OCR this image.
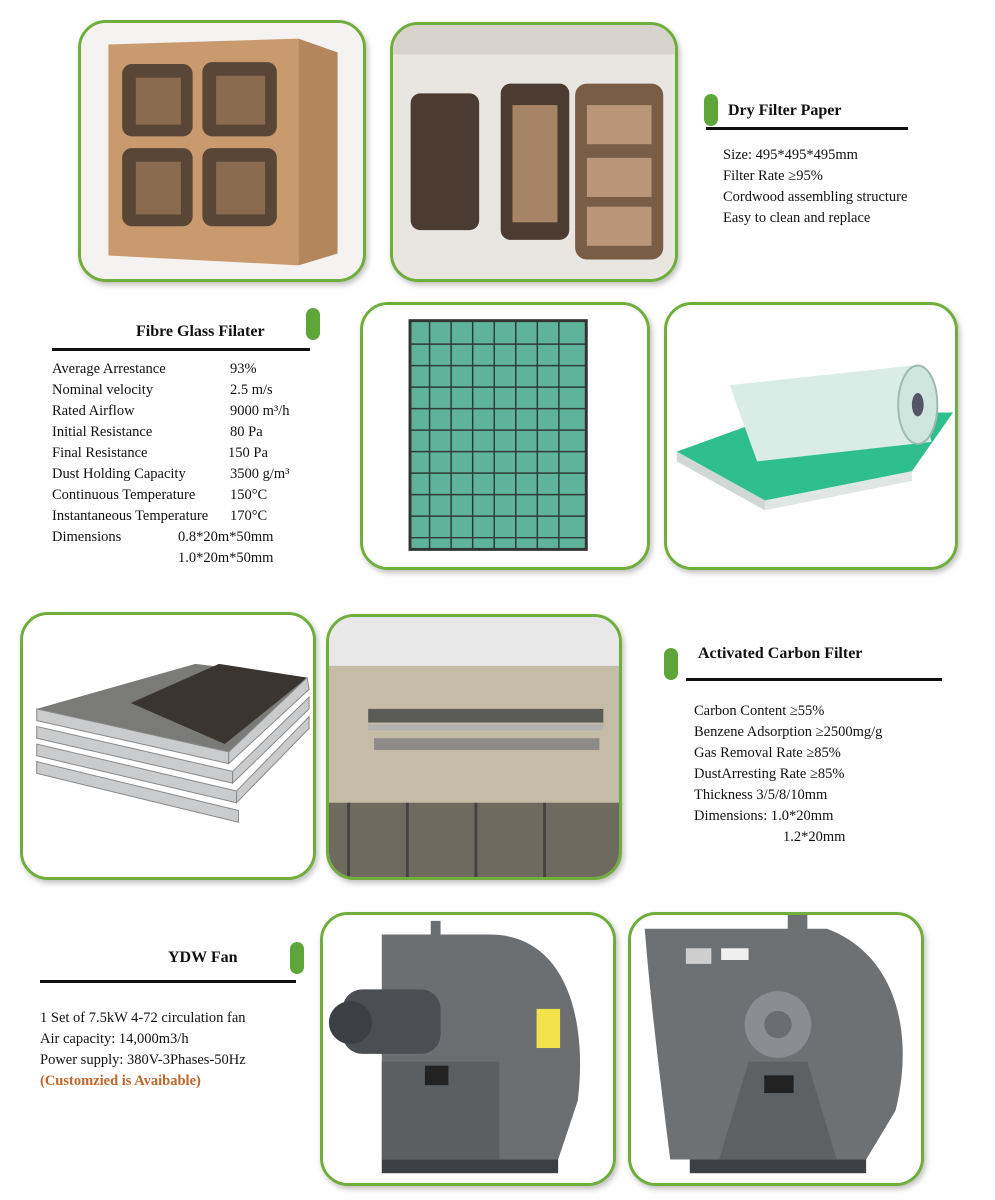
Dry Filter Paper
Size: 495*495*495mm
Filter Rate ≥95%
Cordwood assembling structure
Easy to clean and replace
Fibre Glass Filater
Average Arrestance	93%
Nominal velocity	2.5 m/s
Rated Airflow	9000 m³/h
Initial Resistance	80 Pa
Final Resistance	150 Pa
Dust Holding Capacity	3500 g/m³
Continuous Temperature	150°C
Instantaneous Temperature	170°C
Dimensions	0.8*20m*50mm
1.0*20m*50mm
Activated Carbon Filter
Carbon Content ≥55%
Benzene Adsorption ≥2500mg/g
Gas Removal Rate ≥85%
DustArresting Rate ≥85%
Thickness 3/5/8/10mm
Dimensions: 1.0*20mm
1.2*20mm
YDW Fan
1 Set of 7.5kW 4-72 circulation fan
Air capacity: 14,000m3/h
Power supply: 380V-3Phases-50Hz
(Customzied is Avaibable)
